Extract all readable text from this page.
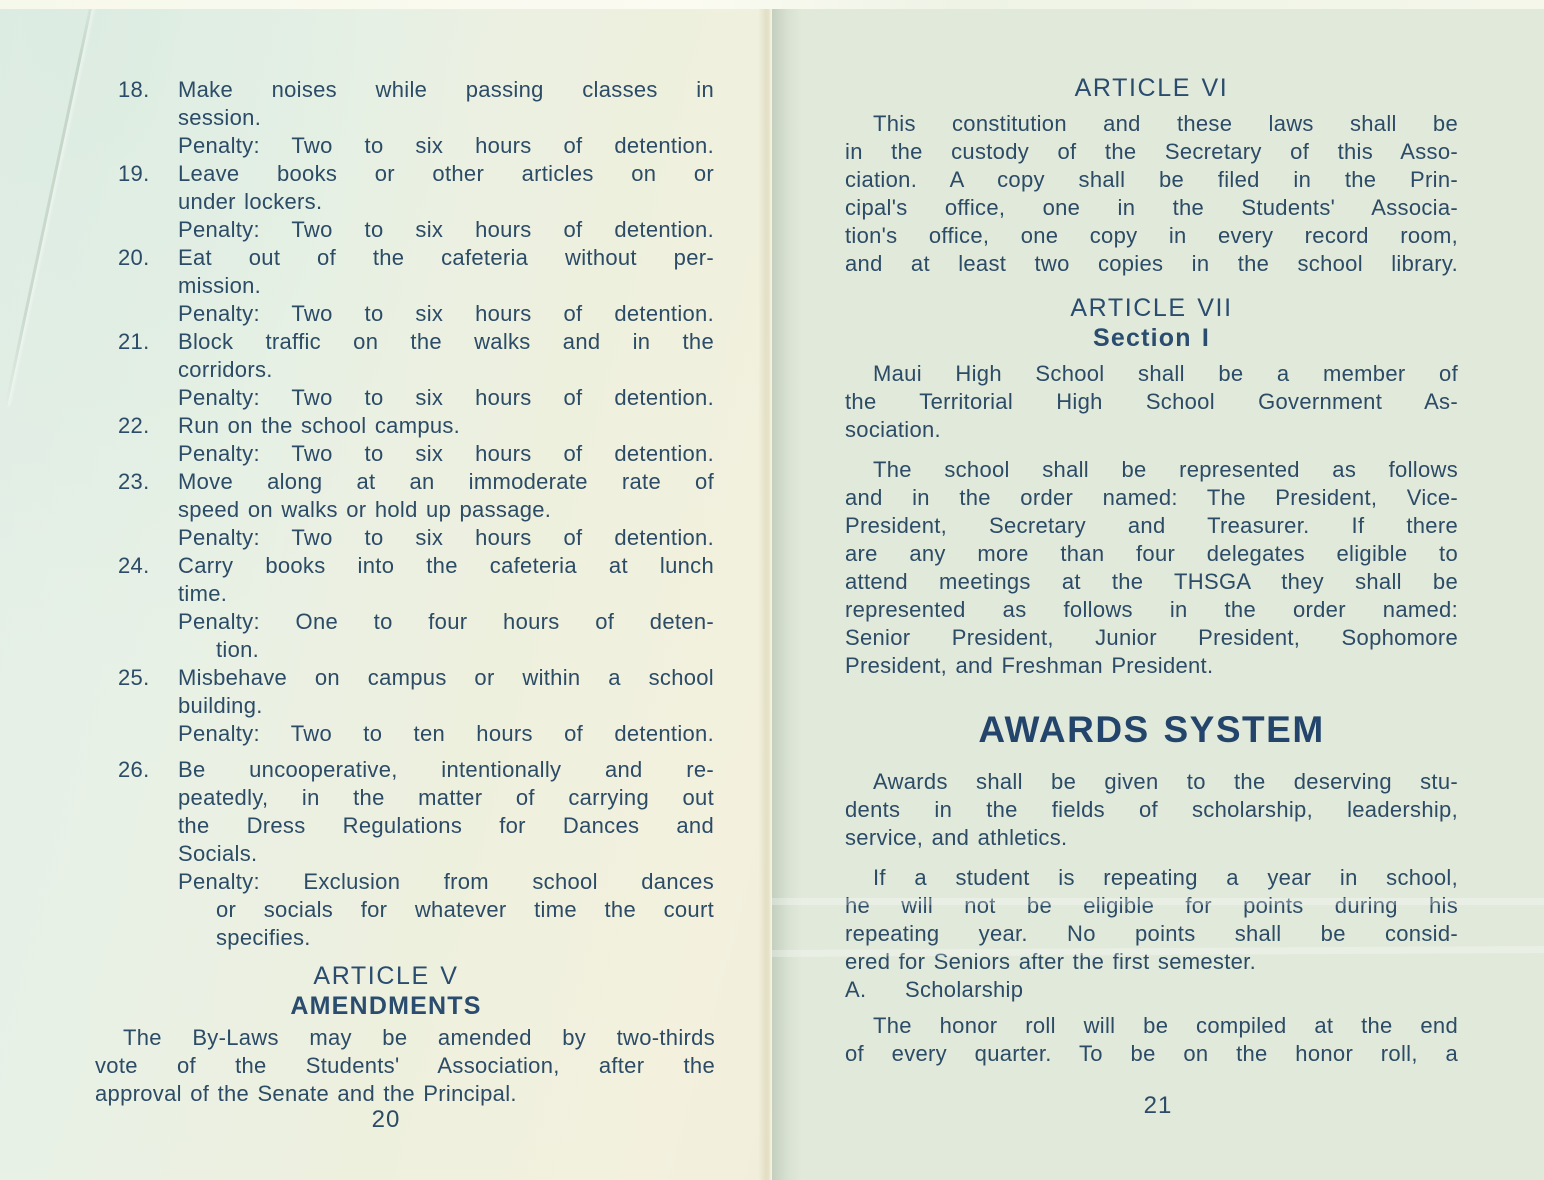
18.	Make noises while passing classes in
session.
Penalty: Two to six hours of detention.
19.	Leave books or other articles on or
under lockers.
Penalty: Two to six hours of detention.
20.	Eat out of the cafeteria without per-
mission.
Penalty: Two to six hours of detention.
21.	Block traffic on the walks and in the
corridors.
Penalty: Two to six hours of detention.
22.	Run on the school campus.
Penalty: Two to six hours of detention.
23.	Move along at an immoderate rate of
speed on walks or hold up passage.
Penalty: Two to six hours of detention.
24.	Carry books into the cafeteria at lunch
time.
Penalty: One to four hours of deten-
tion.
25.	Misbehave on campus or within a school
building.
Penalty: Two to ten hours of detention.
26.	Be uncooperative, intentionally and re-
peatedly, in the matter of carrying out
the Dress Regulations for Dances and
Socials.
Penalty: Exclusion from school dances
or socials for whatever time the court
specifies.
ARTICLE V
AMENDMENTS
The By-Laws may be amended by two-thirds
vote of the Students' Association, after the
approval of the Senate and the Principal.
20
ARTICLE VI
This constitution and these laws shall be
in the custody of the Secretary of this Asso-
ciation. A copy shall be filed in the Prin-
cipal's office, one in the Students' Associa-
tion's office, one copy in every record room,
and at least two copies in the school library.
ARTICLE VII
Section I
Maui High School shall be a member of
the Territorial High School Government As-
sociation.
The school shall be represented as follows
and in the order named: The President, Vice-
President, Secretary and Treasurer. If there
are any more than four delegates eligible to
attend meetings at the THSGA they shall be
represented as follows in the order named:
Senior President, Junior President, Sophomore
President, and Freshman President.
AWARDS SYSTEM
Awards shall be given to the deserving stu-
dents in the fields of scholarship, leadership,
service, and athletics.
If a student is repeating a year in school,
he will not be eligible for points during his
repeating year. No points shall be consid-
ered for Seniors after the first semester.
A.	Scholarship
The honor roll will be compiled at the end
of every quarter. To be on the honor roll, a
21
